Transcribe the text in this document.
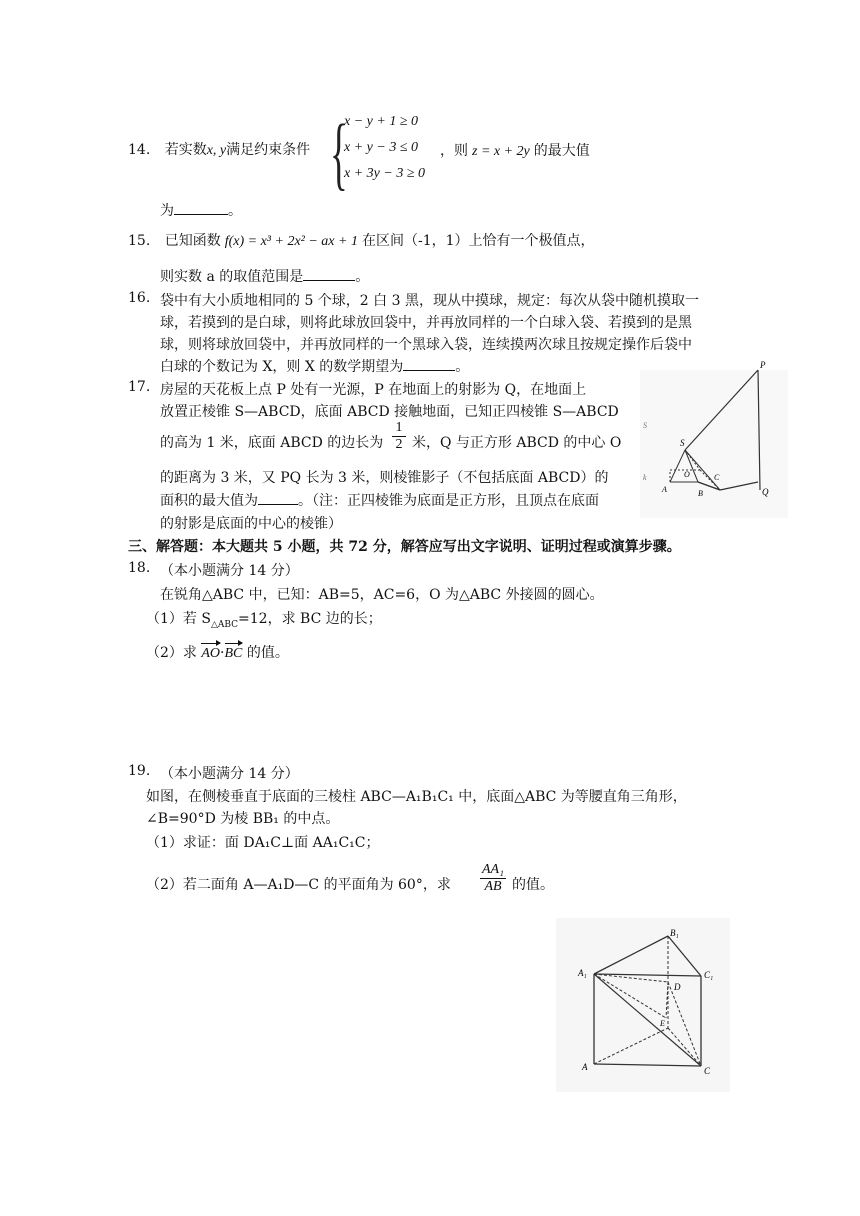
14. 若实数x, y满足约束条件 {
x − y + 1 ≥ 0
x + y − 3 ≤ 0
x + 3y − 3 ≥ 0
，则 z = x + 2y 的最大值
为	。
15. 已知函数 f(x) = x³ + 2x² − ax + 1 在区间（-1，1）上恰有一个极值点，
则实数 a 的取值范围是	。
16. 袋中有大小质地相同的 5 个球，2 白 3 黑，现从中摸球，规定：每次从袋中随机摸取一
球，若摸到的是白球，则将此球放回袋中，并再放同样的一个白球入袋、若摸到的是黑
球，则将球放回袋中，并再放同样的一个黑球入袋，连续摸两次球且按规定操作后袋中
白球的个数记为 X，则 X 的数学期望为	。
17. 房屋的天花板上点 P 处有一光源，P 在地面上的射影为 Q，在地面上
放置正棱锥 S—ABCD，底面 ABCD 接触地面，已知正四棱锥 S—ABCD
的高为 1 米，底面 ABCD 的边长为
1
2 米，Q 与正方形 ABCD 的中心 O
的距离为 3 米，又 PQ 长为 3 米，则棱锥影子（不包括底面 ABCD）的
面积的最大值为	。（注：正四棱锥为底面是正方形，且顶点在底面
的射影是底面的中心的棱锥）
P
S
O	C
Q
A	B
S
k
三、解答题：本大题共 5 小题，共 72 分，解答应写出文字说明、证明过程或演算步骤。
18. （本小题满分 14 分）
在锐角△ABC 中，已知：AB=5，AC=6，O 为△ABC 外接圆的圆心。
（1）若 $S_{\triangle ABC}=12$，求 BC 边的长；
（2）求 AO·BC 的值。
19. （本小题满分 14 分）
如图，在侧棱垂直于底面的三棱柱 ABC—A₁B₁C₁ 中，底面△ABC 为等腰直角三角形，
∠B=90°D 为棱 BB₁ 的中点。
（1）求证：面 DA₁C⊥面 AA₁C₁C；
（2）若二面角 A—A₁D—C 的平面角为 60°，求
AA₁
AB 的值。
B₁
A₁	C₁
D
E
A	C
